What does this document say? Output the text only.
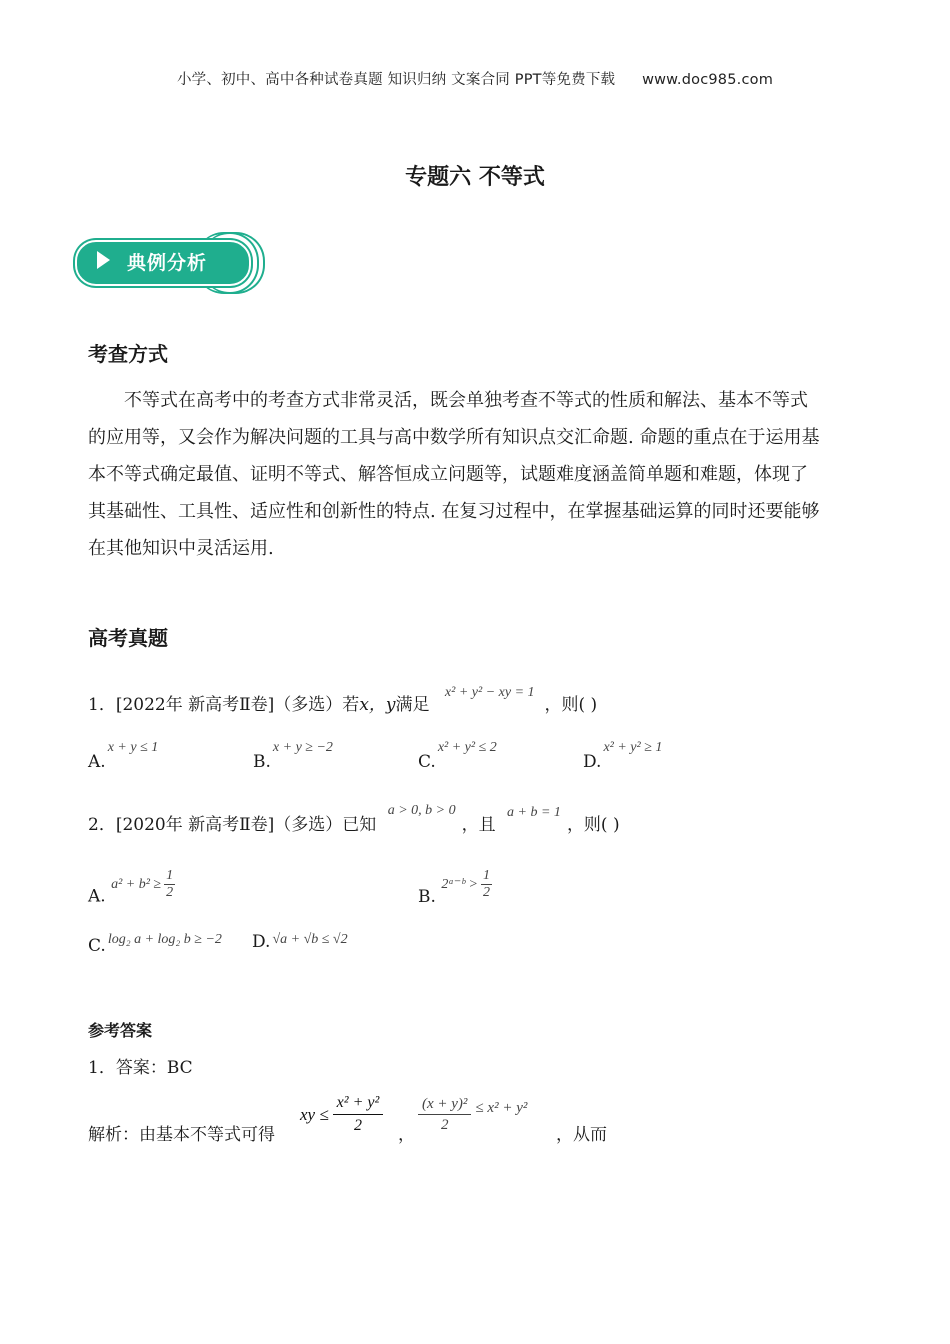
小学、初中、高中各种试卷真题 知识归纳 文案合同 PPT等免费下载 www.doc985.com
专题六 不等式
典例分析
考查方式
不等式在高考中的考查方式非常灵活，既会单独考查不等式的性质和解法、基本不等式
的应用等，又会作为解决问题的工具与高中数学所有知识点交汇命题. 命题的重点在于运用基
本不等式确定最值、证明不等式、解答恒成立问题等，试题难度涵盖简单题和难题，体现了
其基础性、工具性、适应性和创新性的特点. 在复习过程中，在掌握基础运算的同时还要能够
在其他知识中灵活运用.
高考真题
1．[2022年 新高考Ⅱ卷]（多选）若x，y满足 $^{x^2 + y^2 - xy = 1}$，则( )
A.$^{x + y \le 1}$
B.$^{x + y \ge -2}$
C.$^{x^2 + y^2 \le 2}$
D.$^{x^2 + y^2 \ge 1}$
2．[2020年 新高考Ⅱ卷]（多选）已知 $^{a > 0, b > 0}$，且 $^{a + b = 1}$，则( )
A.
$a^2 + b^2 \ge \frac{1}{2}$	B.
2ᵃ⁻ᵇ > $\frac{1}{2}$
C. $^{log_2 a + log_2 b \ge -2}$ D. $^{√a + √b \le √2}$
参考答案
1．答案：BC
解析：由基本不等式可得
xy ≤ $\frac{\text{x² + y²}}{2}$ ， $\frac{\text{(x + y)²}}{2} \le x^2 + y^2$
，从而
